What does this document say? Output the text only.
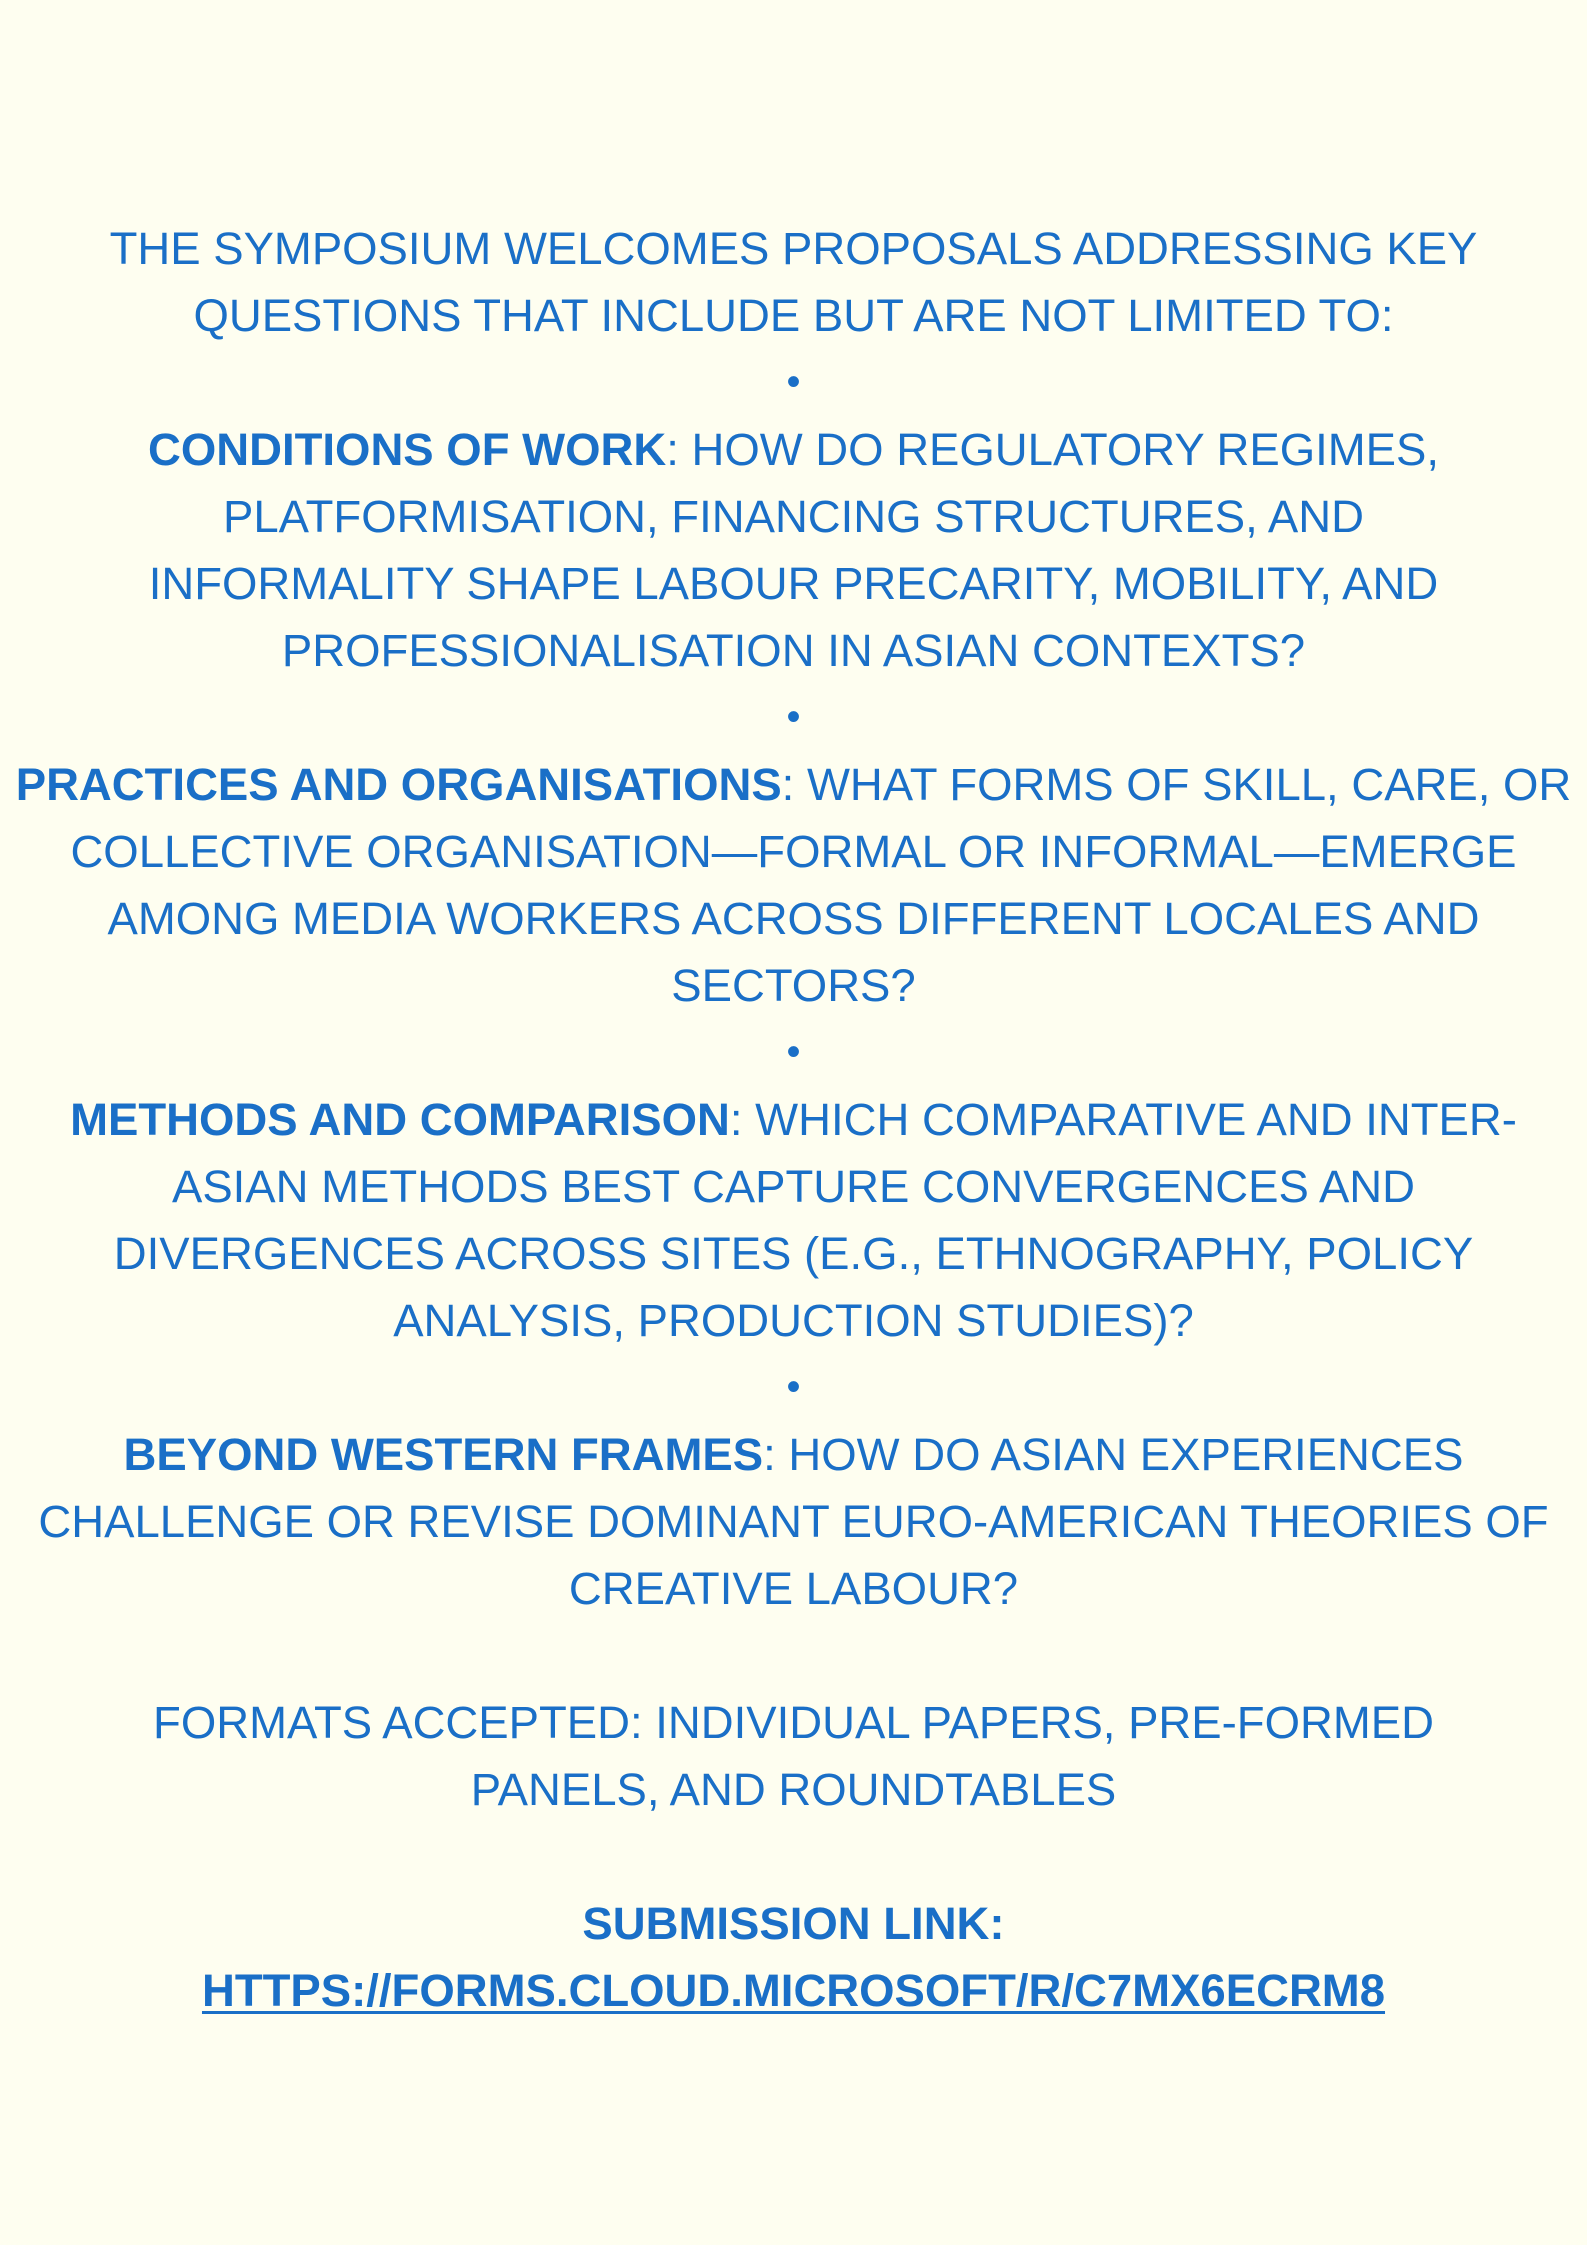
THE SYMPOSIUM WELCOMES PROPOSALS ADDRESSING KEY QUESTIONS THAT INCLUDE BUT ARE NOT LIMITED TO:
•
CONDITIONS OF WORK: HOW DO REGULATORY REGIMES, PLATFORMISATION, FINANCING STRUCTURES, AND INFORMALITY SHAPE LABOUR PRECARITY, MOBILITY, AND PROFESSIONALISATION IN ASIAN CONTEXTS?
•
PRACTICES AND ORGANISATIONS: WHAT FORMS OF SKILL, CARE, OR COLLECTIVE ORGANISATION—FORMAL OR INFORMAL—EMERGE AMONG MEDIA WORKERS ACROSS DIFFERENT LOCALES AND SECTORS?
•
METHODS AND COMPARISON: WHICH COMPARATIVE AND INTER-ASIAN METHODS BEST CAPTURE CONVERGENCES AND DIVERGENCES ACROSS SITES (E.G., ETHNOGRAPHY, POLICY ANALYSIS, PRODUCTION STUDIES)?
•
BEYOND WESTERN FRAMES: HOW DO ASIAN EXPERIENCES CHALLENGE OR REVISE DOMINANT EURO-AMERICAN THEORIES OF CREATIVE LABOUR?
FORMATS ACCEPTED: INDIVIDUAL PAPERS, PRE-FORMED PANELS, AND ROUNDTABLES
SUBMISSION LINK:
HTTPS://FORMS.CLOUD.MICROSOFT/R/C7MX6ECRM8
